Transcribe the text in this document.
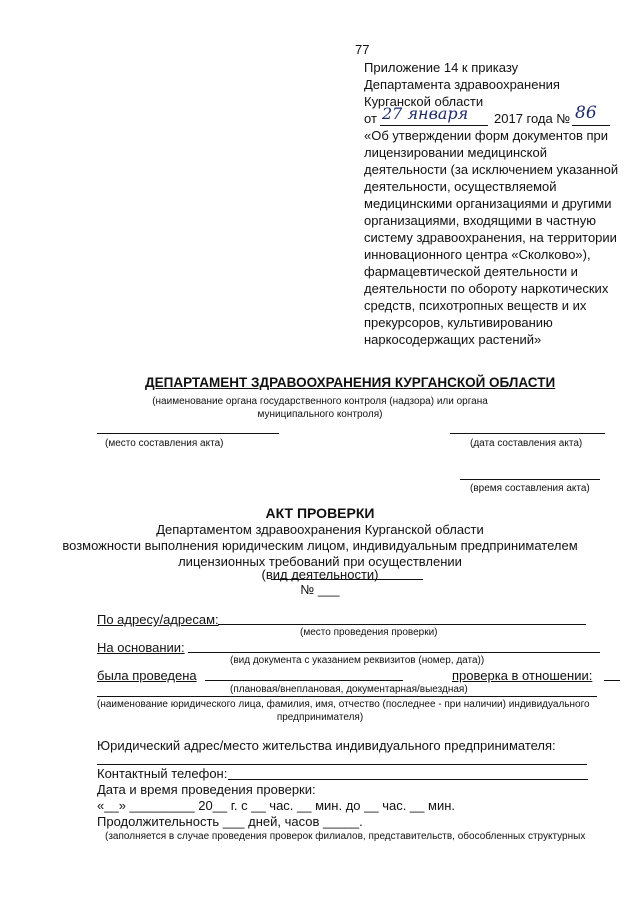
77
Приложение 14 к приказу
Департамента здравоохранения
Курганской области
от 27 января 2017 года № 86
«Об утверждении форм документов при
лицензировании медицинской
деятельности (за исключением указанной
деятельности, осуществляемой
медицинскими организациями и другими
организациями, входящими в частную
систему здравоохранения, на территории
инновационного центра «Сколково»),
фармацевтической деятельности и
деятельности по обороту наркотических
средств, психотропных веществ и их
прекурсоров, культивированию
наркосодержащих растений»
ДЕПАРТАМЕНТ ЗДРАВООХРАНЕНИЯ КУРГАНСКОЙ ОБЛАСТИ
(наименование органа государственного контроля (надзора) или органа
муниципального контроля)
(место составления акта)	(дата составления акта)
(время составления акта)
АКТ ПРОВЕРКИ
Департаментом здравоохранения Курганской области
возможности выполнения юридическим лицом, индивидуальным предпринимателем
лицензионных требований при осуществлении
(вид деятельности)
№ ___
По адресу/адресам:
(место проведения проверки)
На основании:
(вид документа с указанием реквизитов (номер, дата))
была проведена	проверка в отношении:
(плановая/внеплановая, документарная/выездная)
(наименование юридического лица, фамилия, имя, отчество (последнее - при наличии) индивидуального
предпринимателя)
Юридический адрес/место жительства индивидуального предпринимателя:
Контактный телефон:
Дата и время проведения проверки:
«__» _________ 20__ г. с __ час. __ мин. до __ час. __ мин.
Продолжительность ___ дней, часов _____.
(заполняется в случае проведения проверок филиалов, представительств, обособленных структурных
